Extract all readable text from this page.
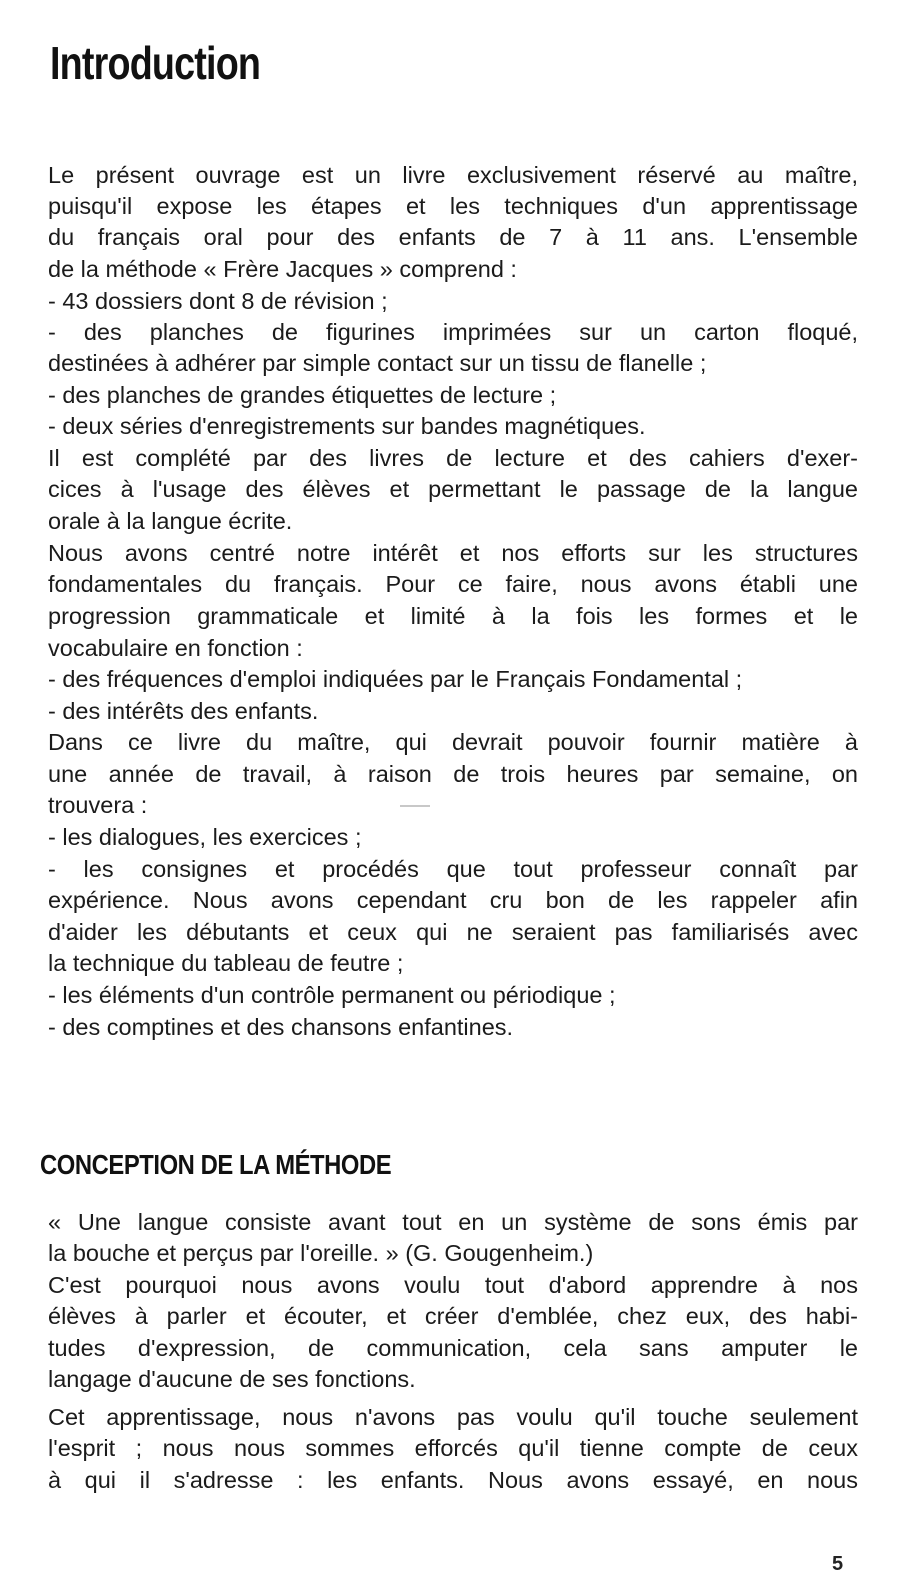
Introduction
Le présent ouvrage est un livre exclusivement réservé au maître,
puisqu'il expose les étapes et les techniques d'un apprentissage
du français oral pour des enfants de 7 à 11 ans. L'ensemble
de la méthode « Frère Jacques » comprend :
- 43 dossiers dont 8 de révision ;
- des planches de figurines imprimées sur un carton floqué,
destinées à adhérer par simple contact sur un tissu de flanelle ;
- des planches de grandes étiquettes de lecture ;
- deux séries d'enregistrements sur bandes magnétiques.
Il est complété par des livres de lecture et des cahiers d'exer-
cices à l'usage des élèves et permettant le passage de la langue
orale à la langue écrite.
Nous avons centré notre intérêt et nos efforts sur les structures
fondamentales du français. Pour ce faire, nous avons établi une
progression grammaticale et limité à la fois les formes et le
vocabulaire en fonction :
- des fréquences d'emploi indiquées par le Français Fondamental ;
- des intérêts des enfants.
Dans ce livre du maître, qui devrait pouvoir fournir matière à
une année de travail, à raison de trois heures par semaine, on
trouvera :
- les dialogues, les exercices ;
- les consignes et procédés que tout professeur connaît par
expérience. Nous avons cependant cru bon de les rappeler afin
d'aider les débutants et ceux qui ne seraient pas familiarisés avec
la technique du tableau de feutre ;
- les éléments d'un contrôle permanent ou périodique ;
- des comptines et des chansons enfantines.
CONCEPTION DE LA MÉTHODE
« Une langue consiste avant tout en un système de sons émis par
la bouche et perçus par l'oreille. » (G. Gougenheim.)
C'est pourquoi nous avons voulu tout d'abord apprendre à nos
élèves à parler et écouter, et créer d'emblée, chez eux, des habi-
tudes d'expression, de communication, cela sans amputer le
langage d'aucune de ses fonctions.
Cet apprentissage, nous n'avons pas voulu qu'il touche seulement
l'esprit ; nous nous sommes efforcés qu'il tienne compte de ceux
à qui il s'adresse : les enfants. Nous avons essayé, en nous
5
